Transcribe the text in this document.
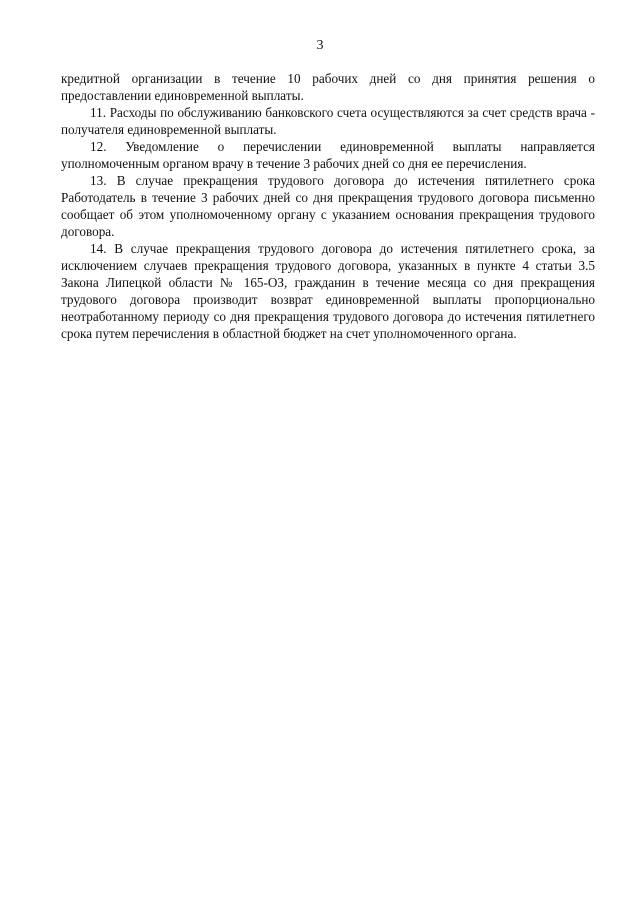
3

кредитной организации в течение 10 рабочих дней со дня принятия решения о предоставлении единовременной выплаты.

11. Расходы по обслуживанию банковского счета осуществляются за счет средств врача - получателя единовременной выплаты.

12. Уведомление о перечислении единовременной выплаты направляется уполномоченным органом врачу в течение 3 рабочих дней со дня ее перечисления.

13. В случае прекращения трудового договора до истечения пятилетнего срока Работодатель в течение 3 рабочих дней со дня прекращения трудового договора письменно сообщает об этом уполномоченному органу с указанием основания прекращения трудового договора.

14. В случае прекращения трудового договора до истечения пятилетнего срока, за исключением случаев прекращения трудового договора, указанных в пункте 4 статьи 3.5 Закона Липецкой области № 165-ОЗ, гражданин в течение месяца со дня прекращения трудового договора производит возврат единовременной выплаты пропорционально неотработанному периоду со дня прекращения трудового договора до истечения пятилетнего срока путем перечисления в областной бюджет на счет уполномоченного органа.
